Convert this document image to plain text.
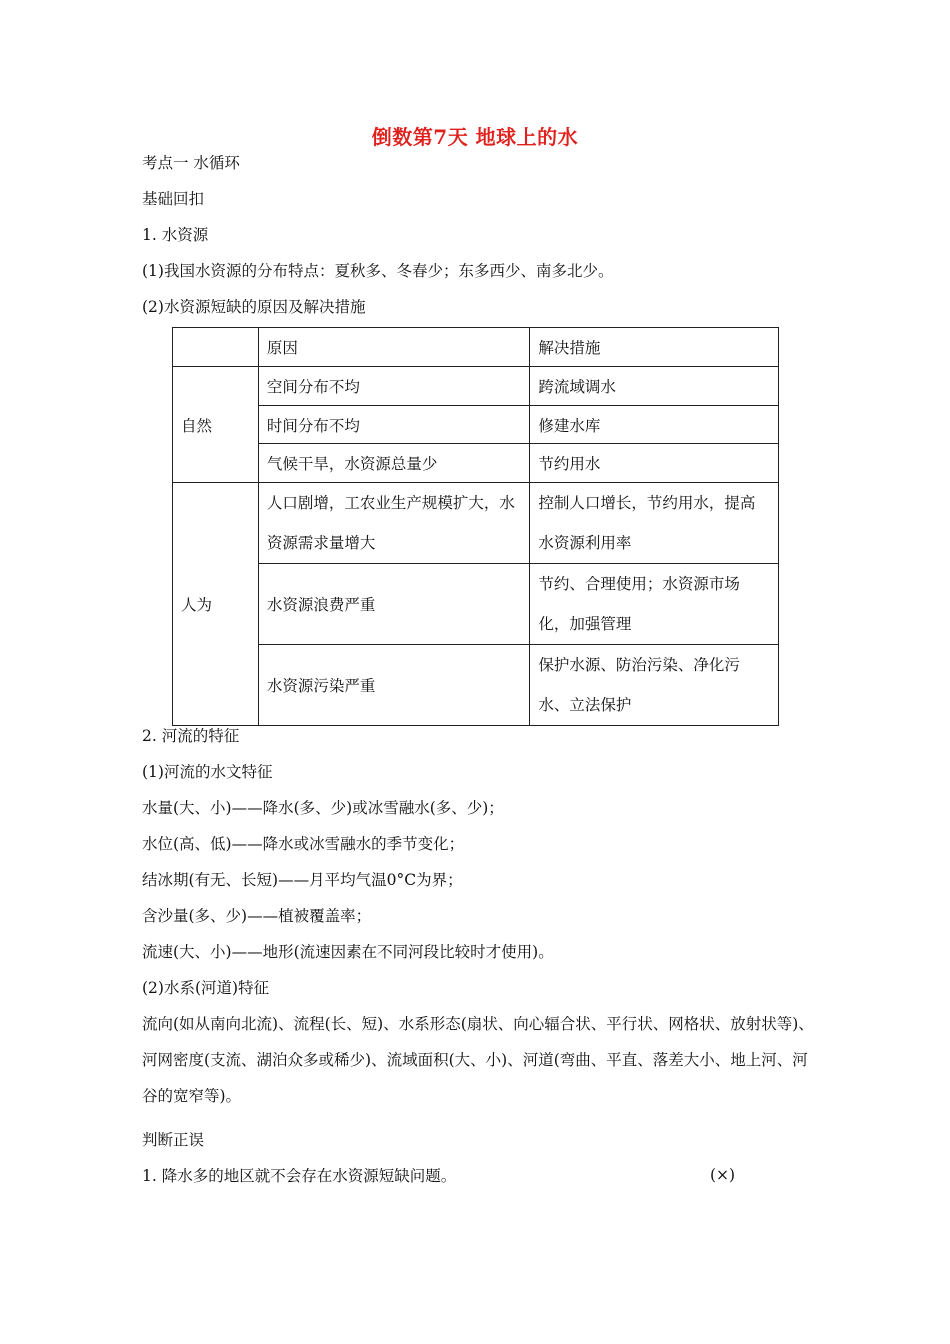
倒数第7天 地球上的水
考点一 水循环
基础回扣
1. 水资源
(1)我国水资源的分布特点：夏秋多、冬春少；东多西少、南多北少。
(2)水资源短缺的原因及解决措施
	原因	解决措施
自然	空间分布不均	跨流域调水
	时间分布不均	修建水库
	气候干旱，水资源总量少	节约用水
人为	人口剧增，工农业生产规模扩大，水资源需求量增大	控制人口增长，节约用水，提高水资源利用率
	水资源浪费严重	节约、合理使用；水资源市场化，加强管理
	水资源污染严重	保护水源、防治污染、净化污水、立法保护
2. 河流的特征
(1)河流的水文特征
水量(大、小)——降水(多、少)或冰雪融水(多、少)；
水位(高、低)——降水或冰雪融水的季节变化；
结冰期(有无、长短)——月平均气温0°C为界；
含沙量(多、少)——植被覆盖率；
流速(大、小)——地形(流速因素在不同河段比较时才使用)。
(2)水系(河道)特征
流向(如从南向北流)、流程(长、短)、水系形态(扇状、向心辐合状、平行状、网格状、放射状等)、河网密度(支流、湖泊众多或稀少)、流域面积(大、小)、河道(弯曲、平直、落差大小、地上河、河谷的宽窄等)。
判断正误
1. 降水多的地区就不会存在水资源短缺问题。	(×)
